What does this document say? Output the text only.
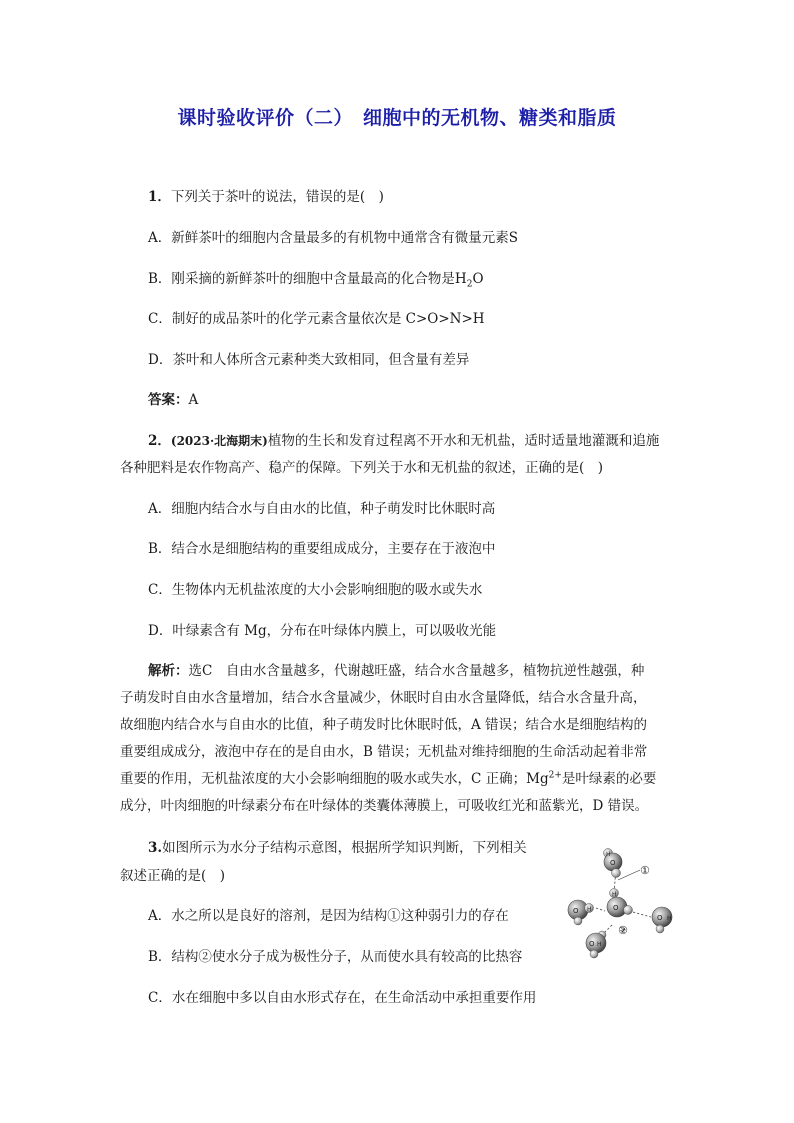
课时验收评价（二）　细胞中的无机物、糖类和脂质
1．下列关于茶叶的说法，错误的是(　)
A．新鲜茶叶的细胞内含量最多的有机物中通常含有微量元素S
B．刚采摘的新鲜茶叶的细胞中含量最高的化合物是$H_2O$
C．制好的成品茶叶的化学元素含量依次是 C>O>N>H
D．茶叶和人体所含元素种类大致相同，但含量有差异
答案：A
2．(2023·北海期末)植物的生长和发育过程离不开水和无机盐，适时适量地灌溉和追施
各种肥料是农作物高产、稳产的保障。下列关于水和无机盐的叙述，正确的是(　)
A．细胞内结合水与自由水的比值，种子萌发时比休眠时高
B．结合水是细胞结构的重要组成成分，主要存在于液泡中
C．生物体内无机盐浓度的大小会影响细胞的吸水或失水
D．叶绿素含有 Mg，分布在叶绿体内膜上，可以吸收光能
解析：选C　自由水含量越多，代谢越旺盛，结合水含量越多，植物抗逆性越强，种
子萌发时自由水含量增加，结合水含量减少，休眠时自由水含量降低，结合水含量升高，
故细胞内结合水与自由水的比值，种子萌发时比休眠时低，A 错误；结合水是细胞结构的
重要组成成分，液泡中存在的是自由水，B 错误；无机盐对维持细胞的生命活动起着非常
重要的作用，无机盐浓度的大小会影响细胞的吸水或失水，C 正确；$Mg^{2+}$是叶绿素的必要
成分，叶肉细胞的叶绿素分布在叶绿体的类囊体薄膜上，可吸收红光和蓝紫光，D 错误。
3.如图所示为水分子结构示意图，根据所学知识判断，下列相关
叙述正确的是(　)
A．水之所以是良好的溶剂，是因为结构①这种弱引力的存在
B．结构②使水分子成为极性分子，从而使水具有较高的比热容
C．水在细胞中多以自由水形式存在，在生命活动中承担重要作用
H
O
H
O
O H
O H
O H
①
②
